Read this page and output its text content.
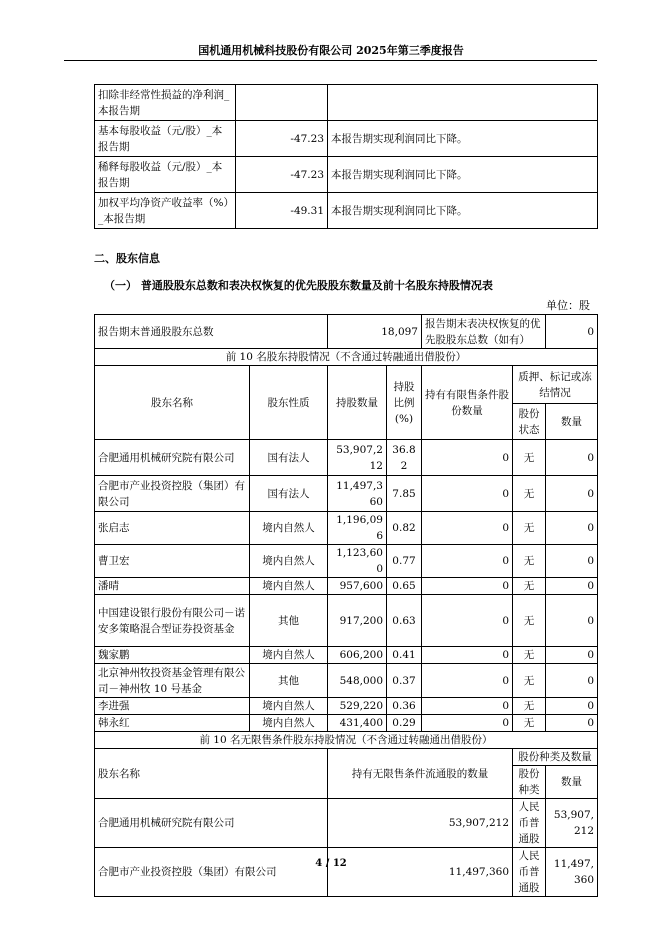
国机通用机械科技股份有限公司 2025年第三季度报告
扣除非经常性损益的净利润_本报告期		
基本每股收益（元/股）_本报告期	-47.23	本报告期实现利润同比下降。
稀释每股收益（元/股）_本报告期	-47.23	本报告期实现利润同比下降。
加权平均净资产收益率（%）_本报告期	-49.31	本报告期实现利润同比下降。
二、股东信息
（一） 普通股股东总数和表决权恢复的优先股股东数量及前十名股东持股情况表
单位：股
报告期末普通股股东总数		18,097		报告期末表决权恢复的优先股股东总数（如有）		0
前 10 名股东持股情况（不含通过转融通出借股份）						
股东名称	股东性质	持股数量	持股比例(%)	持有有限售条件股份数量	质押、标记或冻结情况	
					股份状态	数量
合肥通用机械研究院有限公司	国有法人	53,907,212	36.82	0	无	0
合肥市产业投资控股（集团）有限公司	国有法人	11,497,360	7.85	0	无	0
张启志	境内自然人	1,196,096	0.82	0	无	0
曹卫宏	境内自然人	1,123,600	0.77	0	无	0
潘晴	境内自然人	957,600	0.65	0	无	0
中国建设银行股份有限公司－诺安多策略混合型证券投资基金	其他	917,200	0.63	0	无	0
魏家鹏	境内自然人	606,200	0.41	0	无	0
北京神州牧投资基金管理有限公司－神州牧 10 号基金	其他	548,000	0.37	0	无	0
李进强	境内自然人	529,220	0.36	0	无	0
韩永红	境内自然人	431,400	0.29	0	无	0
前 10 名无限售条件股东持股情况（不含通过转融通出借股份）						
股东名称		持有无限售条件流通股的数量			股份种类及数量	
					股份种类	数量
合肥通用机械研究院有限公司		53,907,212			人民币普通股	53,907,212
合肥市产业投资控股（集团）有限公司		11,497,360			人民币普通股	11,497,360
4 / 12
